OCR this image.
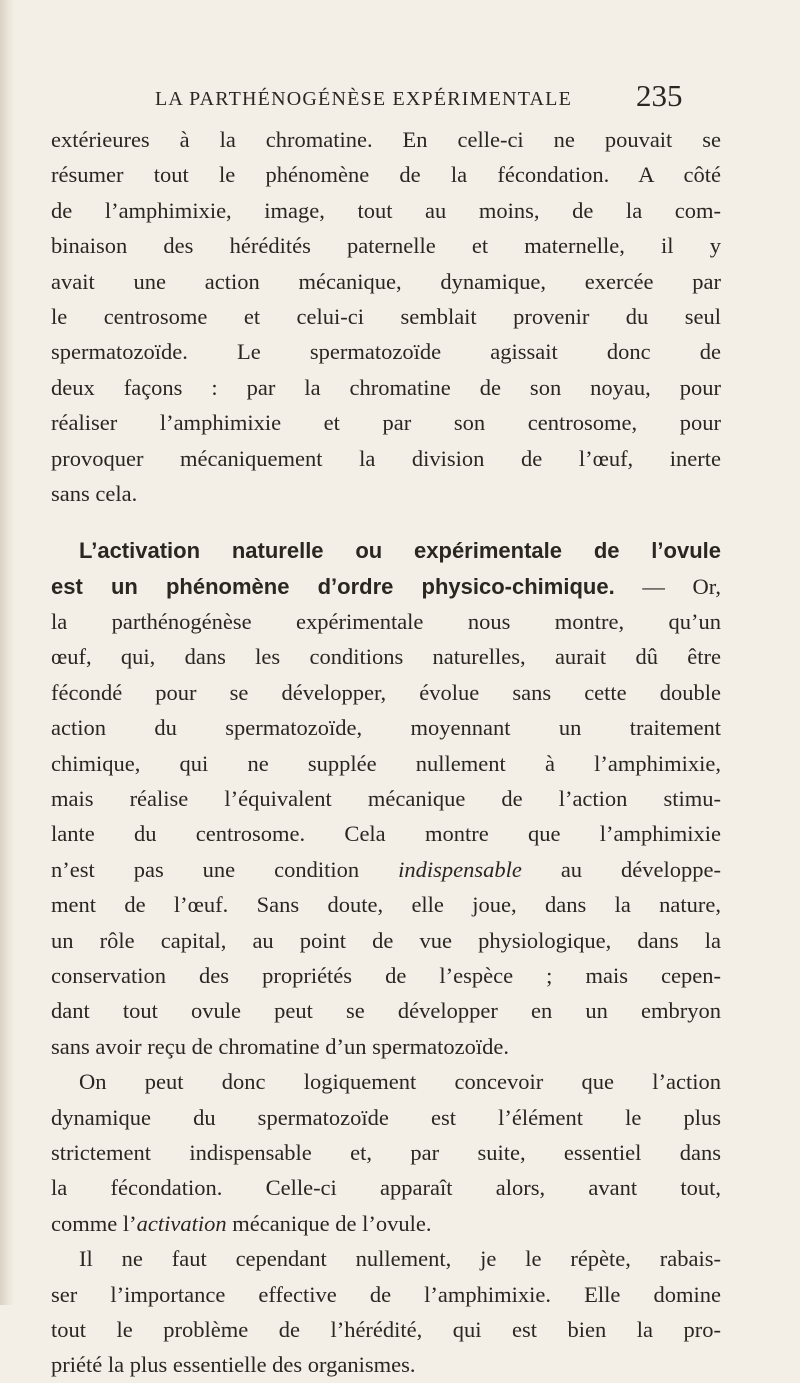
LA PARTHÉNOGÉNÈSE EXPÉRIMENTALE 235
extérieures à la chromatine. En celle-ci ne pouvait se
résumer tout le phénomène de la fécondation. A côté
de l’amphimixie, image, tout au moins, de la com-
binaison des hérédités paternelle et maternelle, il y
avait une action mécanique, dynamique, exercée par
le centrosome et celui-ci semblait provenir du seul
spermatozoïde. Le spermatozoïde agissait donc de
deux façons : par la chromatine de son noyau, pour
réaliser l’amphimixie et par son centrosome, pour
provoquer mécaniquement la division de l’œuf, inerte
sans cela.
L’activation naturelle ou expérimentale de l’ovule
est un phénomène d’ordre physico-chimique. — Or,
la parthénogénèse expérimentale nous montre, qu’un
œuf, qui, dans les conditions naturelles, aurait dû être
fécondé pour se développer, évolue sans cette double
action du spermatozoïde, moyennant un traitement
chimique, qui ne supplée nullement à l’amphimixie,
mais réalise l’équivalent mécanique de l’action stimu-
lante du centrosome. Cela montre que l’amphimixie
n’est pas une condition indispensable au développe-
ment de l’œuf. Sans doute, elle joue, dans la nature,
un rôle capital, au point de vue physiologique, dans la
conservation des propriétés de l’espèce ; mais cepen-
dant tout ovule peut se développer en un embryon
sans avoir reçu de chromatine d’un spermatozoïde.
On peut donc logiquement concevoir que l’action
dynamique du spermatozoïde est l’élément le plus
strictement indispensable et, par suite, essentiel dans
la fécondation. Celle-ci apparaît alors, avant tout,
comme l’activation mécanique de l’ovule.
Il ne faut cependant nullement, je le répète, rabais-
ser l’importance effective de l’amphimixie. Elle domine
tout le problème de l’hérédité, qui est bien la pro-
priété la plus essentielle des organismes.
